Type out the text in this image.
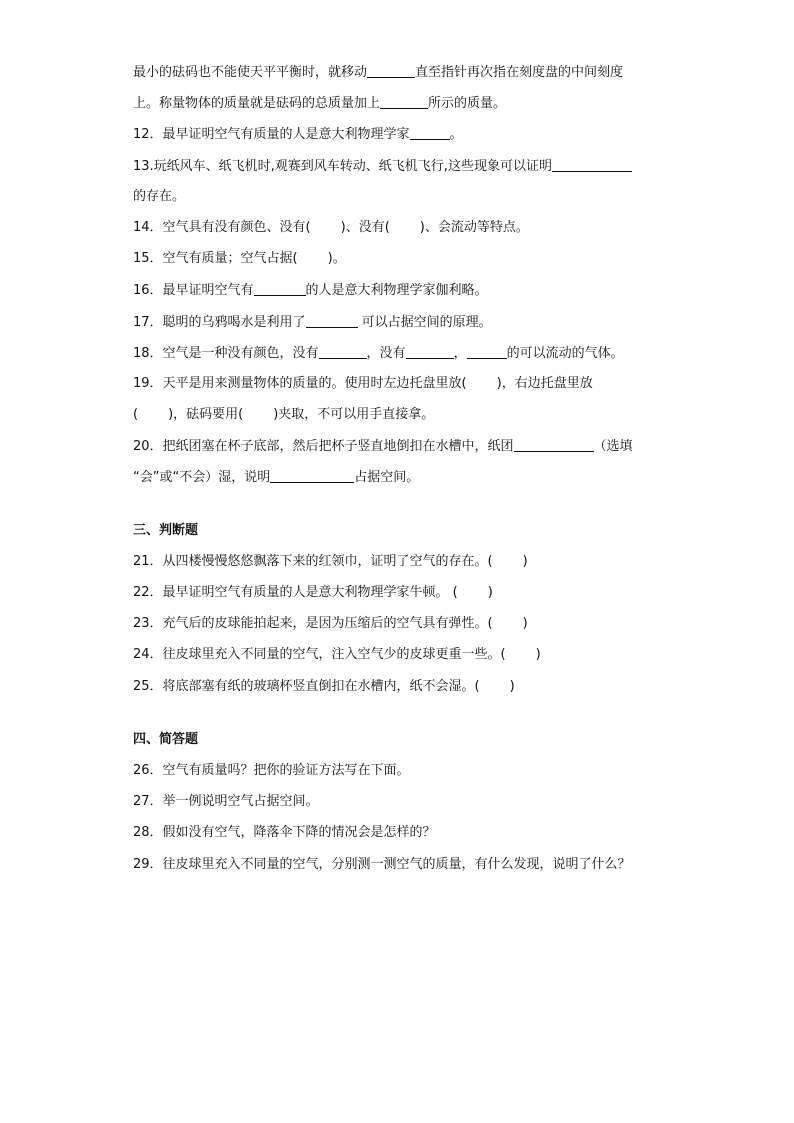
最小的砝码也不能使天平平衡时，就移动	直至指针再次指在刻度盘的中间刻度
上。称量物体的质量就是砝码的总质量加上	所示的质量。
12．最早证明空气有质量的人是意大利物理学家	。
13.玩纸风车、纸飞机时,观赛到风车转动、纸飞机飞行,这些现象可以证明
的存在。
14．空气具有没有颜色、没有( )、没有( )、会流动等特点。
15．空气有质量；空气占据( )。
16．最早证明空气有	的人是意大利物理学家伽利略。
17．聪明的乌鸦喝水是利用了	可以占据空间的原理。
18．空气是一种没有颜色，没有	，没有	，	的可以流动的气体。
19．天平是用来测量物体的质量的。使用时左边托盘里放( )，右边托盘里放
( )，砝码要用( )夹取，不可以用手直接拿。
20．把纸团塞在杯子底部，然后把杯子竖直地倒扣在水槽中，纸团	（选填
“会”或“不会）湿，说明	占据空间。
三、判断题
21．从四楼慢慢悠悠飘落下来的红领巾，证明了空气的存在。( )
22．最早证明空气有质量的人是意大利物理学家牛顿。 ( )
23．充气后的皮球能拍起来，是因为压缩后的空气具有弹性。( )
24．往皮球里充入不同量的空气，注入空气少的皮球更重一些。( )
25．将底部塞有纸的玻璃杯竖直倒扣在水槽内，纸不会湿。( )
四、简答题
26．空气有质量吗？把你的验证方法写在下面。
27．举一例说明空气占据空间。
28．假如没有空气，降落伞下降的情况会是怎样的？
29．往皮球里充入不同量的空气，分别测一测空气的质量，有什么发现，说明了什么？
